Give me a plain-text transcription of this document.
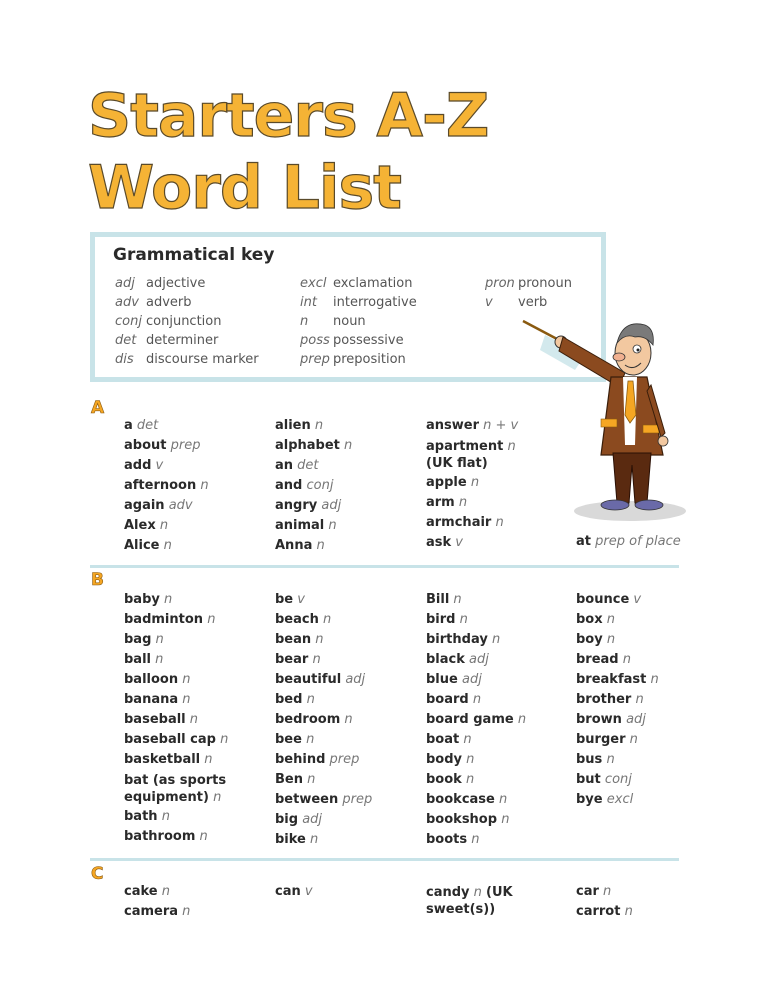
Starters A-Z
Word List
Grammatical key
adj adjective
adv adverb
conj conjunction
det determiner
dis discourse marker
excl exclamation
int	interrogative
n	noun
poss possessive
prep preposition
pron pronoun
v	verb
A
a det
about prep
add v
afternoon n
again adv
Alex n
Alice n
alien n
alphabet n
an det
and conj
angry adj
animal n
Anna n
answer n + v
apartment n
(UK flat)
apple n
arm n
armchair n
ask v	at prep of place
B
baby n
badminton n
bag n
ball n
balloon n
banana n
baseball n
baseball cap n
basketball n
bat (as sports equipment) n
bath n
bathroom n
be v
beach n
bean n
bear n
beautiful adj
bed n
bedroom n
bee n
behind prep
Ben n
between prep
big adj
bike n
Bill n
bird n
birthday n
black adj
blue adj
board n
board game n
boat n
body n
book n
bookcase n
bookshop n
boots n
bounce v
box n
boy n
bread n
breakfast n
brother n
brown adj
burger n
bus n
but conj
bye excl
C
cake n
camera n
can v	candy n (UK sweet(s))
car n
carrot n
